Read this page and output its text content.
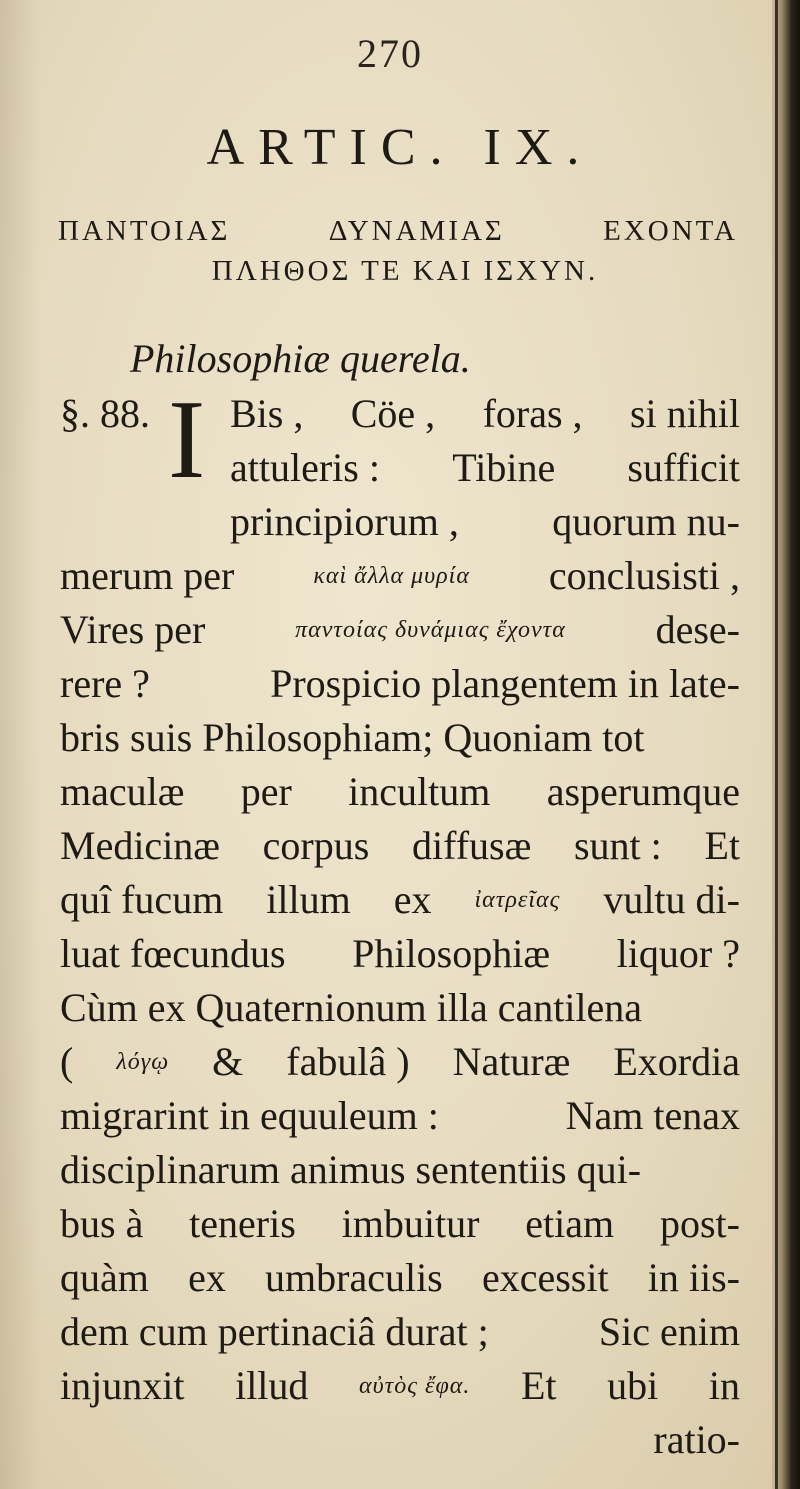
270
ARTIC. IX.
ΠΑΝΤΟΙΑΣ	ΔΥΝΑΜΙΑΣ	ΕΧΟΝΤΑ
ΠΛΗΘΟΣ ΤΕ ΚΑΙ ΙΣΧΥΝ.
Philosophiæ querela.
§. 88. I Bis , Cöe , foras , si nihil
attuleris : Tibine sufficit
principiorum , quorum nu-
merum per	καὶ ἄλλα μυρία conclusisti ,
Vires per	παντοίας δυνάμιας ἔχοντα dese-
rere ?	Prospicio plangentem in late-
bris suis Philosophiam; Quoniam tot
maculæ per incultum asperumque
Medicinæ corpus diffusæ sunt : Et
quî fucum illum ex ἰατρεῖας vultu di-
luat fœcundus Philosophiæ liquor ?
Cùm ex Quaternionum illa cantilena
( λόγῳ & fabulâ ) Naturæ Exordia
migrarint in equuleum :	Nam tenax
disciplinarum animus sententiis qui-
bus à teneris imbuitur etiam post-
quàm ex umbraculis excessit in iis-
dem cum pertinaciâ durat ;	Sic enim
injunxit illud αὐτὸς ἔφα. Et ubi in
ratio-
